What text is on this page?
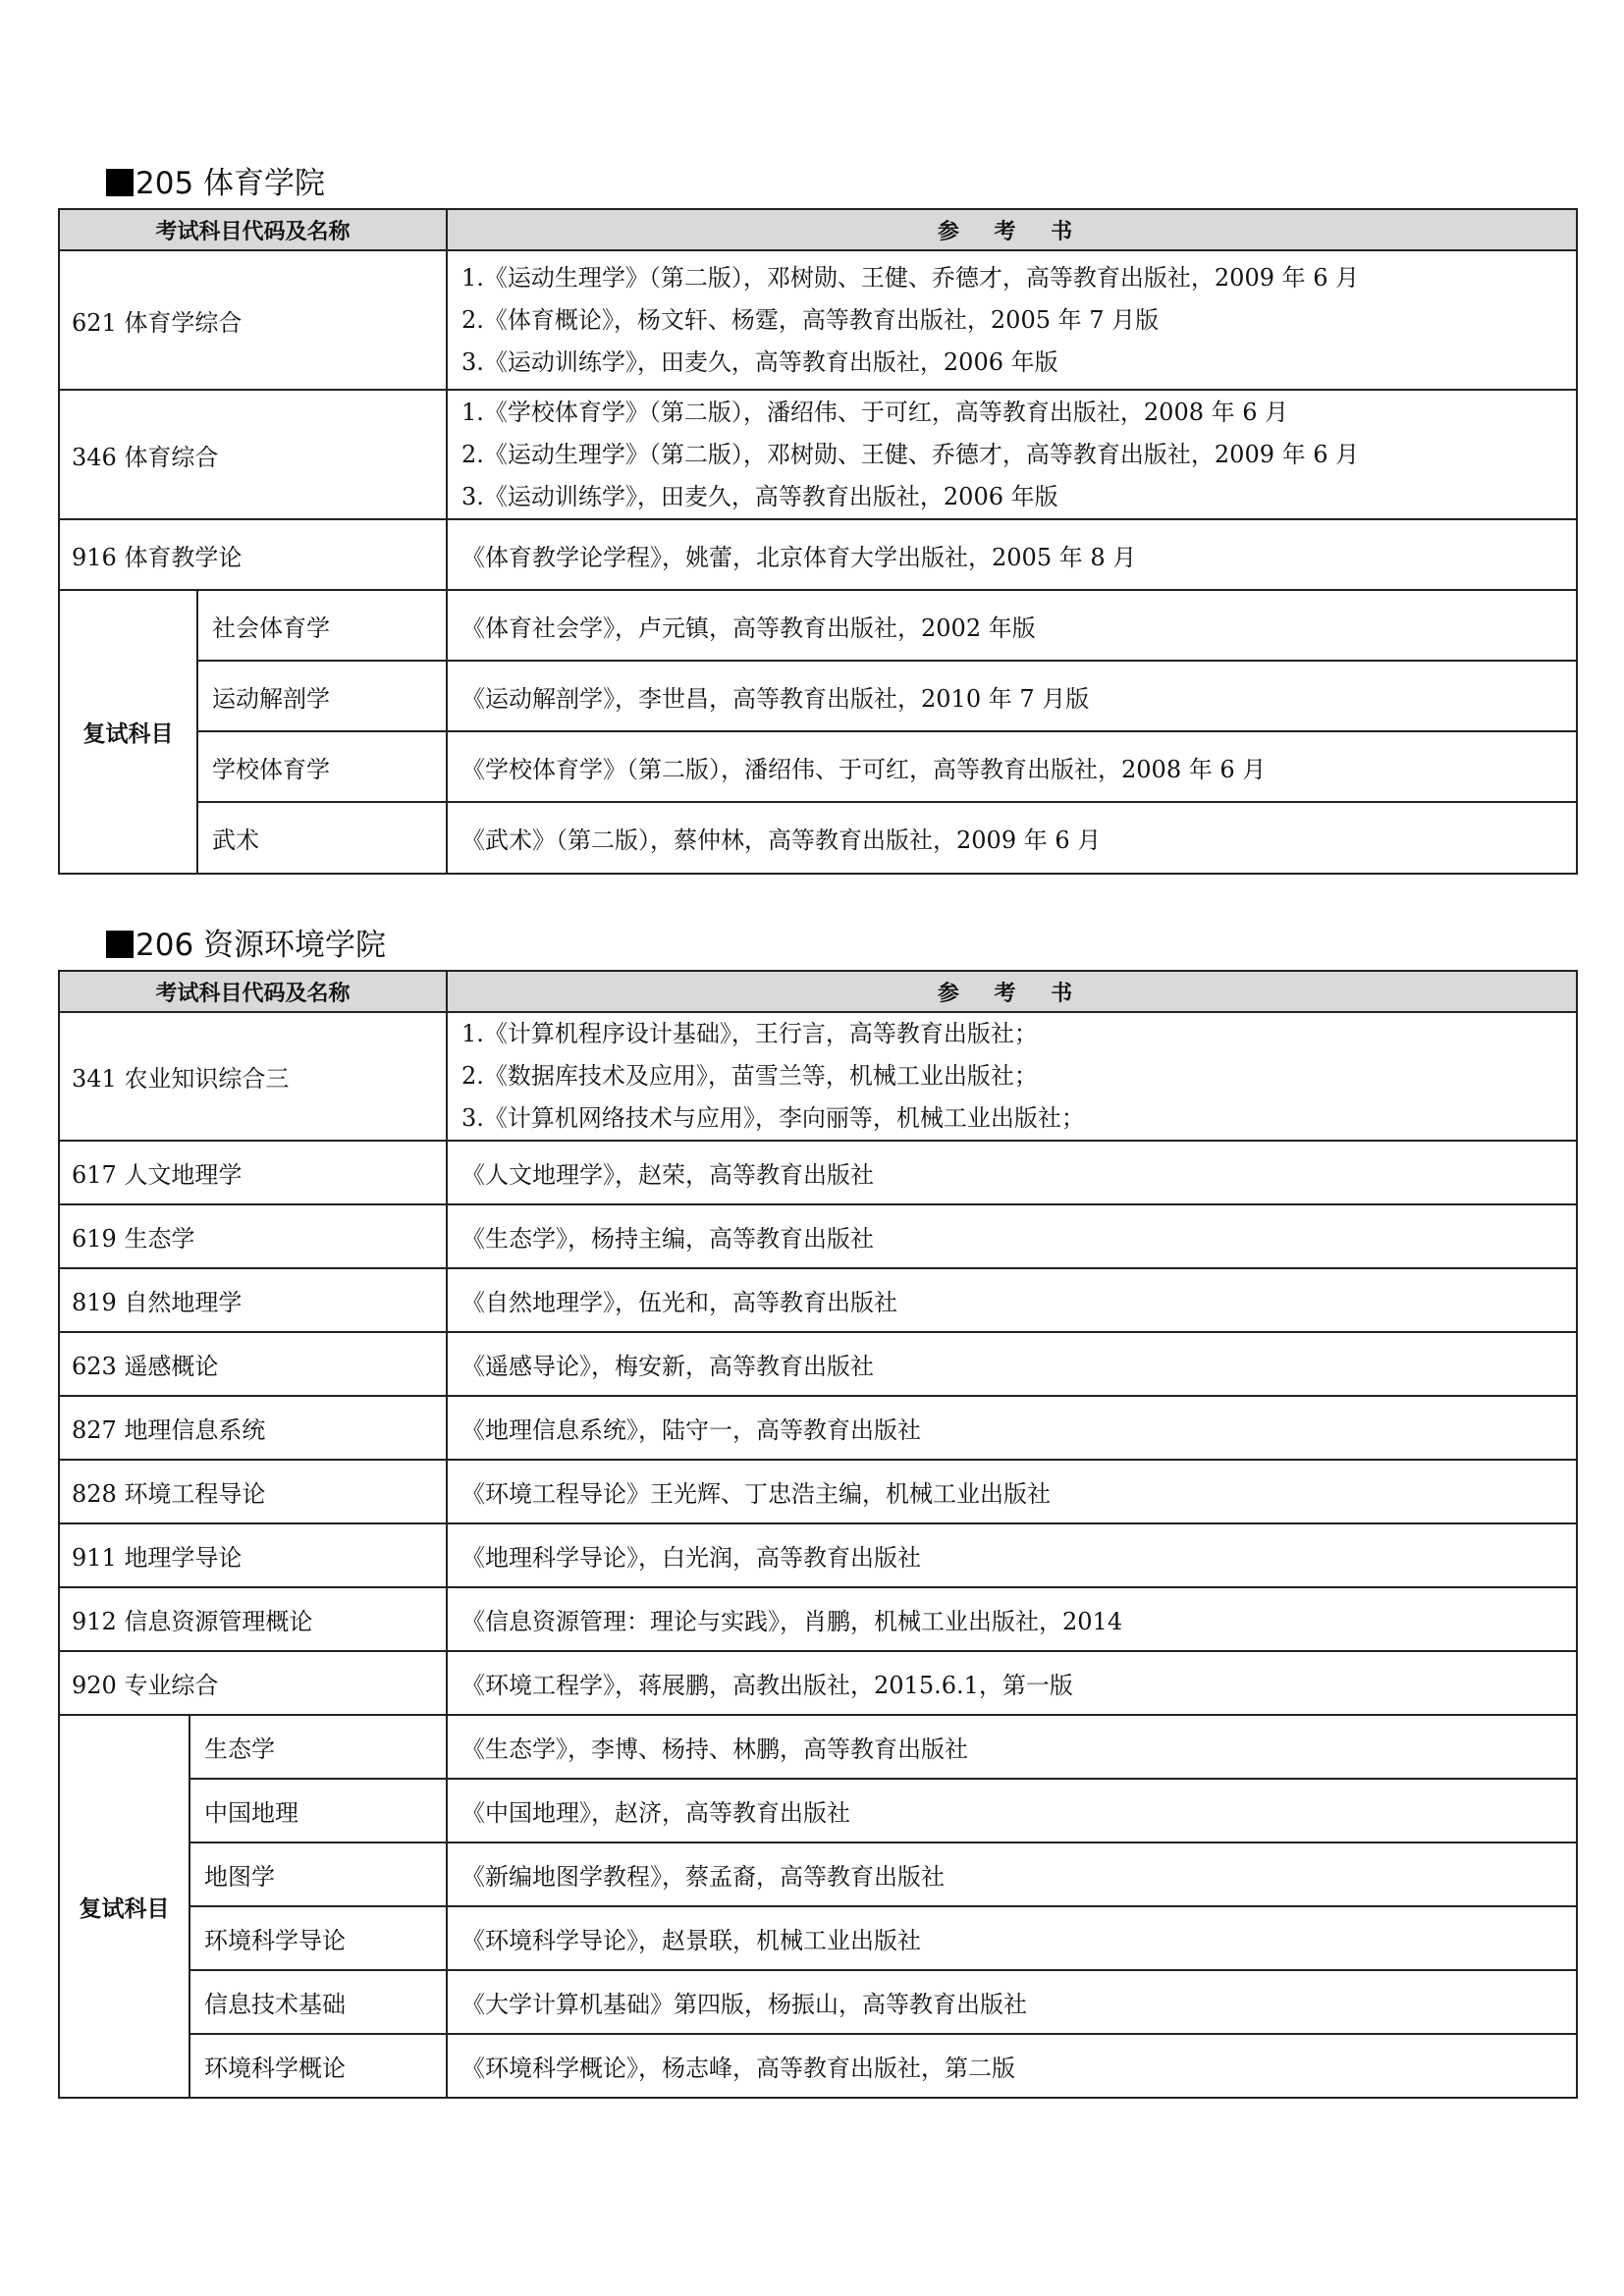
205 体育学院
考试科目代码及名称		参 考 书
621 体育学综合		1.《运动生理学》（第二版），邓树勋、王健、乔德才，高等教育出版社，2009 年 6 月
2.《体育概论》，杨文轩、杨霆，高等教育出版社，2005 年 7 月版
3.《运动训练学》，田麦久，高等教育出版社，2006 年版

346 体育综合		1.《学校体育学》（第二版），潘绍伟、于可红，高等教育出版社，2008 年 6 月
2.《运动生理学》（第二版），邓树勋、王健、乔德才，高等教育出版社，2009 年 6 月
3.《运动训练学》，田麦久，高等教育出版社，2006 年版

916 体育教学论		《体育教学论学程》，姚蕾，北京体育大学出版社，2005 年 8 月
复试科目	社会体育学	《体育社会学》，卢元镇，高等教育出版社，2002 年版
	运动解剖学	《运动解剖学》，李世昌，高等教育出版社，2010 年 7 月版
	学校体育学	《学校体育学》（第二版），潘绍伟、于可红，高等教育出版社，2008 年 6 月
	武术	《武术》（第二版），蔡仲林，高等教育出版社，2009 年 6 月
206 资源环境学院
考试科目代码及名称		参 考 书
341 农业知识综合三		1.《计算机程序设计基础》，王行言，高等教育出版社；
2.《数据库技术及应用》，苗雪兰等，机械工业出版社；
3.《计算机网络技术与应用》，李向丽等，机械工业出版社；

617 人文地理学		《人文地理学》，赵荣，高等教育出版社
619 生态学		《生态学》，杨持主编，高等教育出版社
819 自然地理学		《自然地理学》，伍光和，高等教育出版社
623 遥感概论		《遥感导论》，梅安新，高等教育出版社
827 地理信息系统		《地理信息系统》，陆守一，高等教育出版社
828 环境工程导论		《环境工程导论》王光辉、丁忠浩主编，机械工业出版社
911 地理学导论		《地理科学导论》，白光润，高等教育出版社
912 信息资源管理概论		《信息资源管理：理论与实践》，肖鹏，机械工业出版社，2014
920 专业综合		《环境工程学》，蒋展鹏，高教出版社，2015.6.1，第一版
复试科目	生态学	《生态学》，李博、杨持、林鹏，高等教育出版社
	中国地理	《中国地理》，赵济，高等教育出版社
	地图学	《新编地图学教程》，蔡孟裔，高等教育出版社
	环境科学导论	《环境科学导论》，赵景联，机械工业出版社
	信息技术基础	《大学计算机基础》第四版，杨振山，高等教育出版社
	环境科学概论	《环境科学概论》，杨志峰，高等教育出版社，第二版
